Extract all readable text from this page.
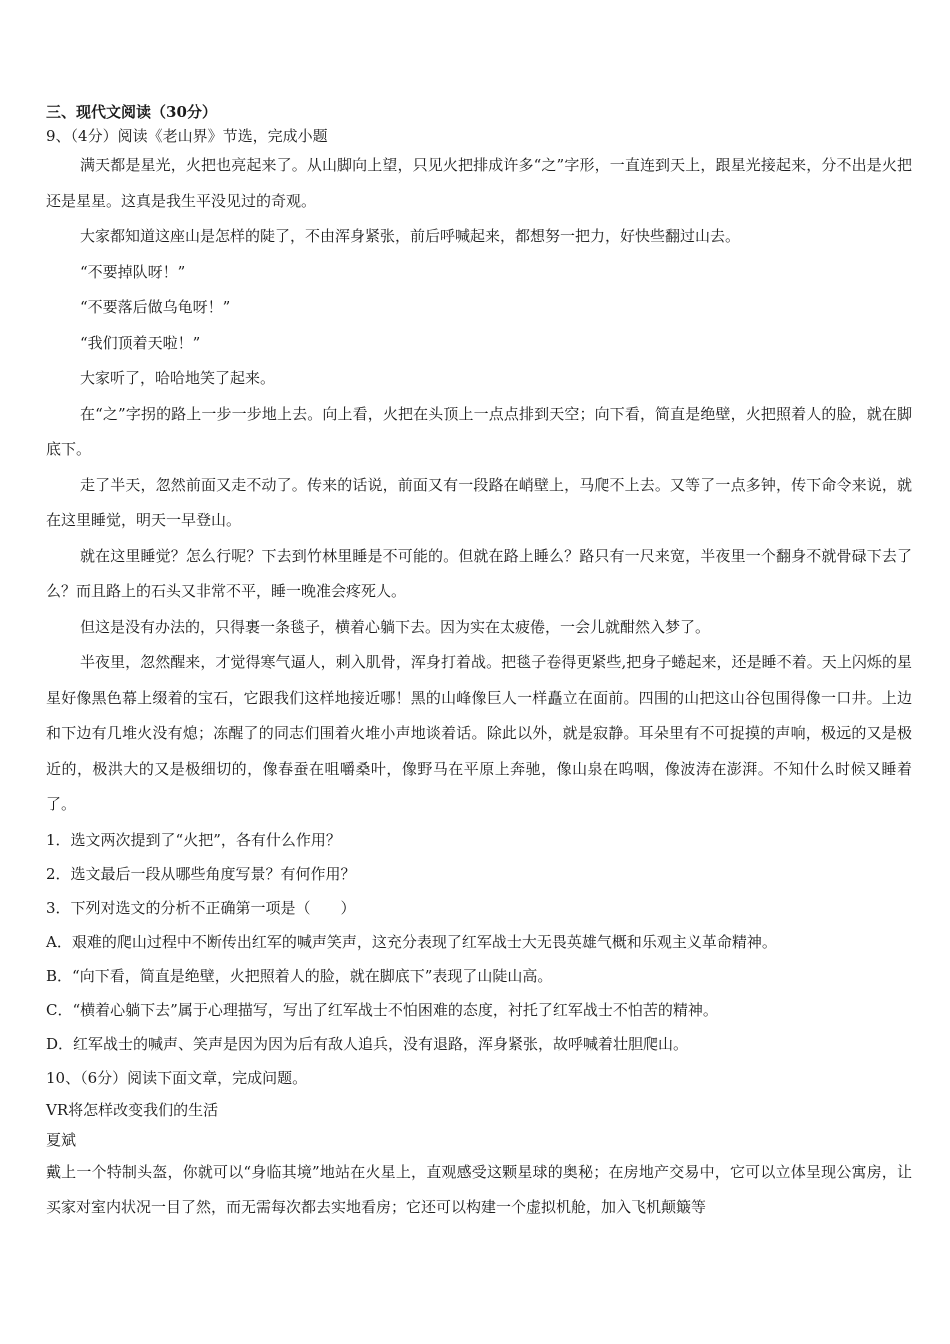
三、现代文阅读（30分）

9、（4分）阅读《老山界》节选，完成小题

满天都是星光，火把也亮起来了。从山脚向上望，只见火把排成许多“之”字形，一直连到天上，跟星光接起来，分不出是火把还是星星。这真是我生平没见过的奇观。

大家都知道这座山是怎样的陡了，不由浑身紧张，前后呼喊起来，都想努一把力，好快些翻过山去。

“不要掉队呀！”

“不要落后做乌龟呀！”

“我们顶着天啦！”

大家听了，哈哈地笑了起来。

在“之”字拐的路上一步一步地上去。向上看，火把在头顶上一点点排到天空；向下看，简直是绝壁，火把照着人的脸，就在脚底下。

走了半天，忽然前面又走不动了。传来的话说，前面又有一段路在峭壁上，马爬不上去。又等了一点多钟，传下命令来说，就在这里睡觉，明天一早登山。

就在这里睡觉？怎么行呢？下去到竹林里睡是不可能的。但就在路上睡么？路只有一尺来宽，半夜里一个翻身不就骨碌下去了么？而且路上的石头又非常不平，睡一晚准会疼死人。

但这是没有办法的，只得裹一条毯子，横着心躺下去。因为实在太疲倦，一会儿就酣然入梦了。

半夜里，忽然醒来，才觉得寒气逼人，刺入肌骨，浑身打着战。把毯子卷得更紧些,把身子蜷起来，还是睡不着。天上闪烁的星星好像黑色幕上缀着的宝石，它跟我们这样地接近哪！黑的山峰像巨人一样矗立在面前。四围的山把这山谷包围得像一口井。上边和下边有几堆火没有熄；冻醒了的同志们围着火堆小声地谈着话。除此以外，就是寂静。耳朵里有不可捉摸的声响，极远的又是极近的，极洪大的又是极细切的，像春蚕在咀嚼桑叶，像野马在平原上奔驰，像山泉在呜咽，像波涛在澎湃。不知什么时候又睡着了。

1．选文两次提到了“火把”，各有什么作用？

2．选文最后一段从哪些角度写景？有何作用？

3．下列对选文的分析不正确第一项是（　　）

A．艰难的爬山过程中不断传出红军的喊声笑声，这充分表现了红军战士大无畏英雄气概和乐观主义革命精神。

B．“向下看，简直是绝壁，火把照着人的脸，就在脚底下”表现了山陡山高。

C．“横着心躺下去”属于心理描写，写出了红军战士不怕困难的态度，衬托了红军战士不怕苦的精神。

D．红军战士的喊声、笑声是因为因为后有敌人追兵，没有退路，浑身紧张，故呼喊着壮胆爬山。

10、（6分）阅读下面文章，完成问题。

VR将怎样改变我们的生活

夏斌

戴上一个特制头盔，你就可以“身临其境”地站在火星上，直观感受这颗星球的奥秘；在房地产交易中，它可以立体呈现公寓房，让买家对室内状况一目了然，而无需每次都去实地看房；它还可以构建一个虚拟机舱，加入飞机颠簸等
